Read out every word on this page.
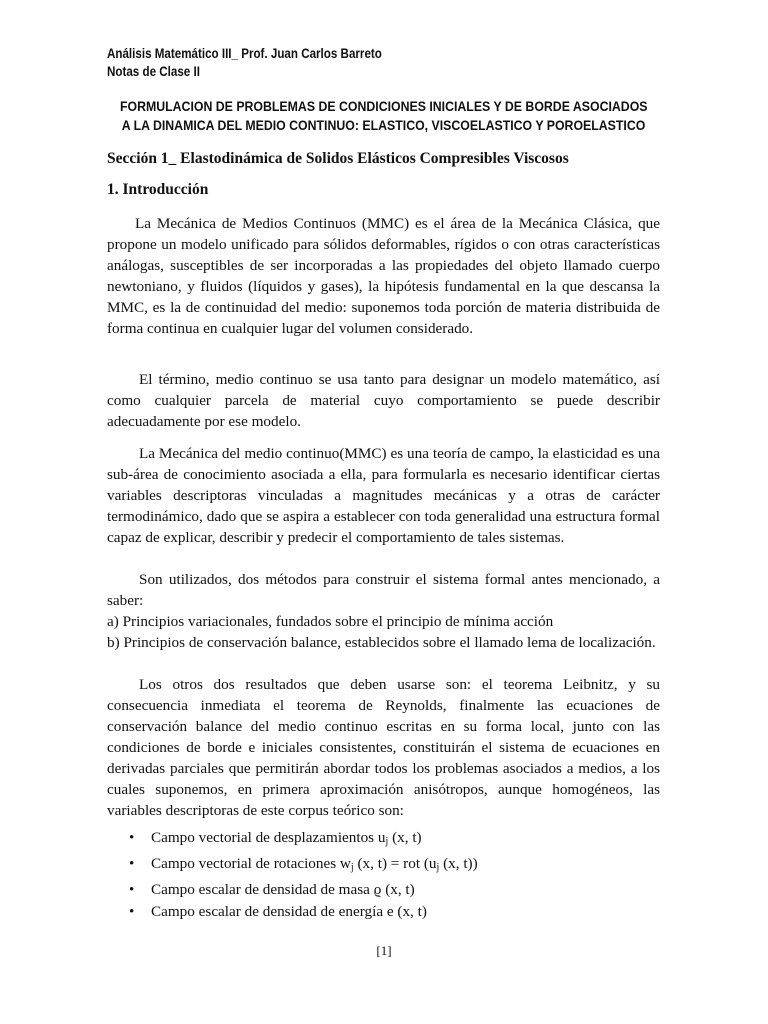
Análisis Matemático III_ Prof. Juan Carlos Barreto
Notas de Clase II
FORMULACION DE PROBLEMAS DE CONDICIONES INICIALES Y DE BORDE ASOCIADOS
A LA DINAMICA DEL MEDIO CONTINUO: ELASTICO, VISCOELASTICO Y POROELASTICO
Sección 1_ Elastodinámica de Solidos Elásticos Compresibles Viscosos
1. Introducción

La Mecánica de Medios Continuos (MMC) es el área de la Mecánica Clásica, que propone un modelo unificado para sólidos deformables, rígidos o con otras características análogas, susceptibles de ser incorporadas a las propiedades del objeto llamado cuerpo newtoniano, y fluidos (líquidos y gases), la hipótesis fundamental en la que descansa la MMC, es la de continuidad del medio: suponemos toda porción de materia distribuida de forma continua en cualquier lugar del volumen considerado.

El término, medio continuo se usa tanto para designar un modelo matemático, así como cualquier parcela de material cuyo comportamiento se puede describir adecuadamente por ese modelo.

La Mecánica del medio continuo(MMC) es una teoría de campo, la elasticidad es una sub-área de conocimiento asociada a ella, para formularla es necesario identificar ciertas variables descriptoras vinculadas a magnitudes mecánicas y a otras de carácter termodinámico, dado que se aspira a establecer con toda generalidad una estructura formal capaz de explicar, describir y predecir el comportamiento de tales sistemas.

Son utilizados, dos métodos para construir el sistema formal antes mencionado, a saber:

a) Principios variacionales, fundados sobre el principio de mínima acción

b) Principios de conservación balance, establecidos sobre el llamado lema de localización.

Los otros dos resultados que deben usarse son: el teorema Leibnitz, y su consecuencia inmediata el teorema de Reynolds, finalmente las ecuaciones de conservación balance del medio continuo escritas en su forma local, junto con las condiciones de borde e iniciales consistentes, constituirán el sistema de ecuaciones en derivadas parciales que permitirán abordar todos los problemas asociados a medios, a los cuales suponemos, en primera aproximación anisótropos, aunque homogéneos, las variables descriptoras de este corpus teórico son:

• Campo vectorial de desplazamientos $u_j$ (x, t)
• Campo vectorial de rotaciones $w_j$ (x, t) = rot ($u_j$ (x, t))
• Campo escalar de densidad de masa ϱ (x, t)
• Campo escalar de densidad de energía e (x, t)
[1]
